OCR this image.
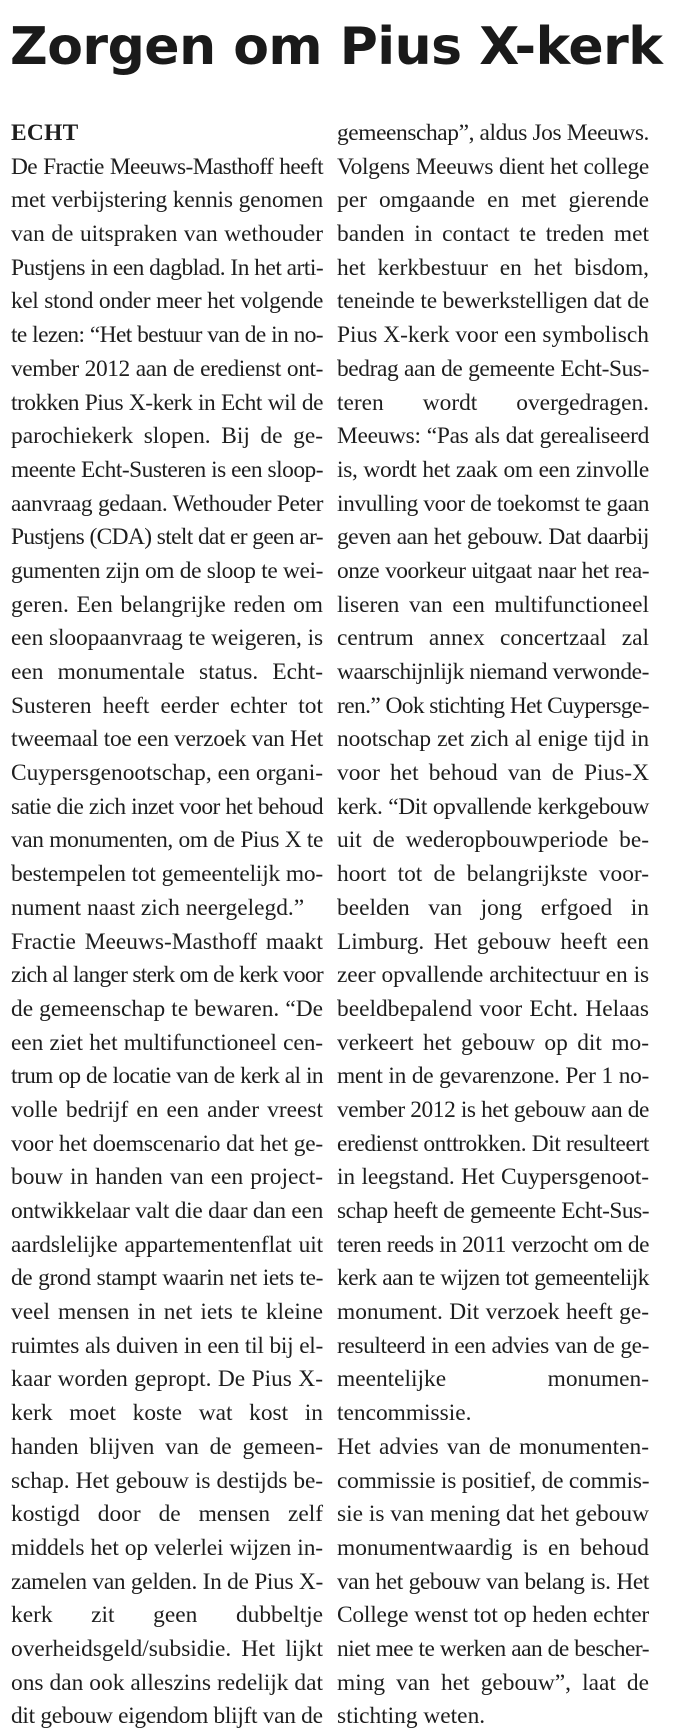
Zorgen om Pius X-kerk
ECHT
De Fractie Meeuws-Masthoff heeft
met verbijstering kennis genomen
van de uitspraken van wethouder
Pustjens in een dagblad. In het arti-
kel stond onder meer het volgende
te lezen: “Het bestuur van de in no-
vember 2012 aan de eredienst ont-
trokken Pius X-kerk in Echt wil de
parochiekerk slopen. Bij de ge-
meente Echt-Susteren is een sloop-
aanvraag gedaan. Wethouder Peter
Pustjens (CDA) stelt dat er geen ar-
gumenten zijn om de sloop te wei-
geren. Een belangrijke reden om
een sloopaanvraag te weigeren, is
een monumentale status. Echt-
Susteren heeft eerder echter tot
tweemaal toe een verzoek van Het
Cuypersgenootschap, een organi-
satie die zich inzet voor het behoud
van monumenten, om de Pius X te
bestempelen tot gemeentelijk mo-
nument naast zich neergelegd.”
Fractie Meeuws-Masthoff maakt
zich al langer sterk om de kerk voor
de gemeenschap te bewaren. “De
een ziet het multifunctioneel cen-
trum op de locatie van de kerk al in
volle bedrijf en een ander vreest
voor het doemscenario dat het ge-
bouw in handen van een project-
ontwikkelaar valt die daar dan een
aardslelijke appartementenflat uit
de grond stampt waarin net iets te-
veel mensen in net iets te kleine
ruimtes als duiven in een til bij el-
kaar worden gepropt. De Pius X-
kerk moet koste wat kost in
handen blijven van de gemeen-
schap. Het gebouw is destijds be-
kostigd door de mensen zelf
middels het op velerlei wijzen in-
zamelen van gelden. In de Pius X-
kerk zit geen dubbeltje
overheidsgeld/subsidie. Het lijkt
ons dan ook alleszins redelijk dat
dit gebouw eigendom blijft van de
gemeenschap”, aldus Jos Meeuws.
Volgens Meeuws dient het college
per omgaande en met gierende
banden in contact te treden met
het kerkbestuur en het bisdom,
teneinde te bewerkstelligen dat de
Pius X-kerk voor een symbolisch
bedrag aan de gemeente Echt-Sus-
teren wordt overgedragen.
Meeuws: “Pas als dat gerealiseerd
is, wordt het zaak om een zinvolle
invulling voor de toekomst te gaan
geven aan het gebouw. Dat daarbij
onze voorkeur uitgaat naar het rea-
liseren van een multifunctioneel
centrum annex concertzaal zal
waarschijnlijk niemand verwonde-
ren.” Ook stichting Het Cuypersge-
nootschap zet zich al enige tijd in
voor het behoud van de Pius-X
kerk. “Dit opvallende kerkgebouw
uit de wederopbouwperiode be-
hoort tot de belangrijkste voor-
beelden van jong erfgoed in
Limburg. Het gebouw heeft een
zeer opvallende architectuur en is
beeldbepalend voor Echt. Helaas
verkeert het gebouw op dit mo-
ment in de gevarenzone. Per 1 no-
vember 2012 is het gebouw aan de
eredienst onttrokken. Dit resulteert
in leegstand. Het Cuypersgenoot-
schap heeft de gemeente Echt-Sus-
teren reeds in 2011 verzocht om de
kerk aan te wijzen tot gemeentelijk
monument. Dit verzoek heeft ge-
resulteerd in een advies van de ge-
meentelijke monumen-
tencommissie.
Het advies van de monumenten-
commissie is positief, de commis-
sie is van mening dat het gebouw
monumentwaardig is en behoud
van het gebouw van belang is. Het
College wenst tot op heden echter
niet mee te werken aan de bescher-
ming van het gebouw”, laat de
stichting weten.
